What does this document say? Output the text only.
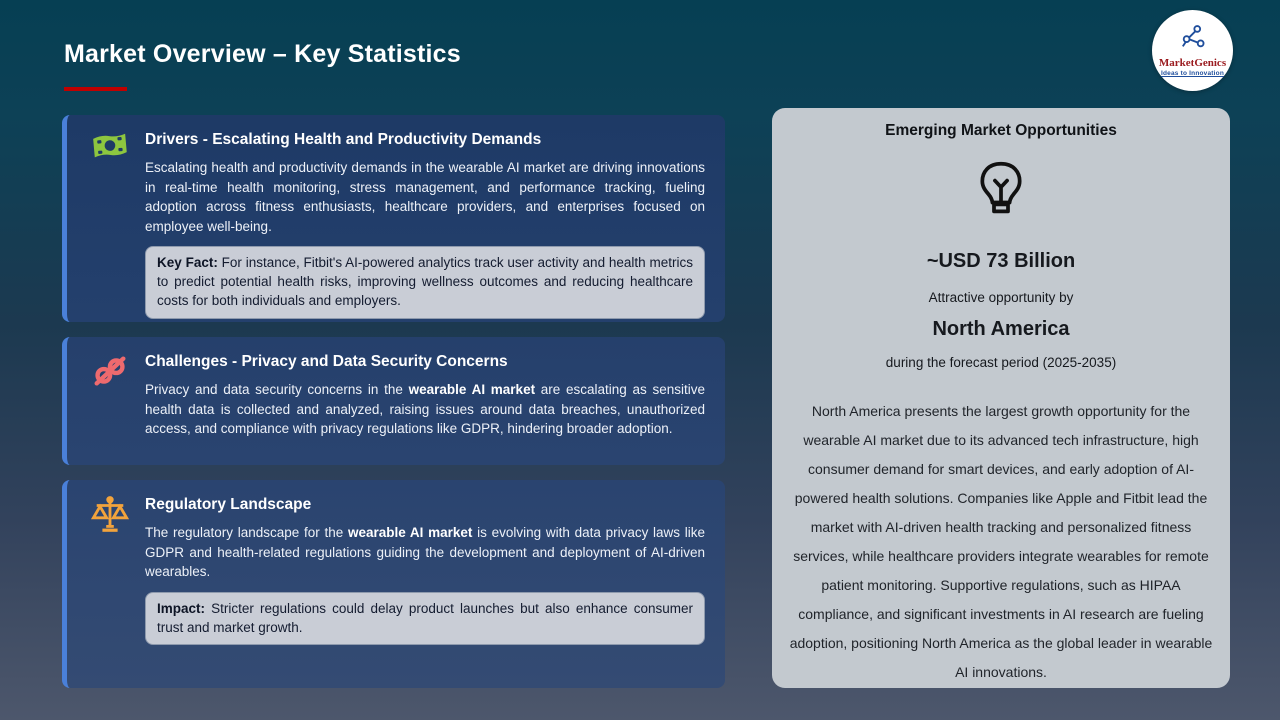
Market Overview – Key Statistics	MarketGenics
Ideas to Innovation
Drivers - Escalating Health and Productivity Demands

Escalating health and productivity demands in the wearable AI market are driving innovations in real-time health monitoring, stress management, and performance tracking, fueling adoption across fitness enthusiasts, healthcare providers, and enterprises focused on employee well-being.

Key Fact: For instance, Fitbit's AI-powered analytics track user activity and health metrics to predict potential health risks, improving wellness outcomes and reducing healthcare costs for both individuals and employers.
Challenges - Privacy and Data Security Concerns

Privacy and data security concerns in the wearable AI market are escalating as sensitive health data is collected and analyzed, raising issues around data breaches, unauthorized access, and compliance with privacy regulations like GDPR, hindering broader adoption.

Regulatory Landscape

The regulatory landscape for the wearable AI market is evolving with data privacy laws like GDPR and health-related regulations guiding the development and deployment of AI-driven wearables.

Impact: Stricter regulations could delay product launches but also enhance consumer trust and market growth.
Emerging Market Opportunities
~USD 73 Billion
Attractive opportunity by
North America
during the forecast period (2025-2035)
North America presents the largest growth opportunity for the wearable AI market due to its advanced tech infrastructure, high consumer demand for smart devices, and early adoption of AI-powered health solutions. Companies like Apple and Fitbit lead the market with AI-driven health tracking and personalized fitness services, while healthcare providers integrate wearables for remote patient monitoring. Supportive regulations, such as HIPAA compliance, and significant investments in AI research are fueling adoption, positioning North America as the global leader in wearable AI innovations.
